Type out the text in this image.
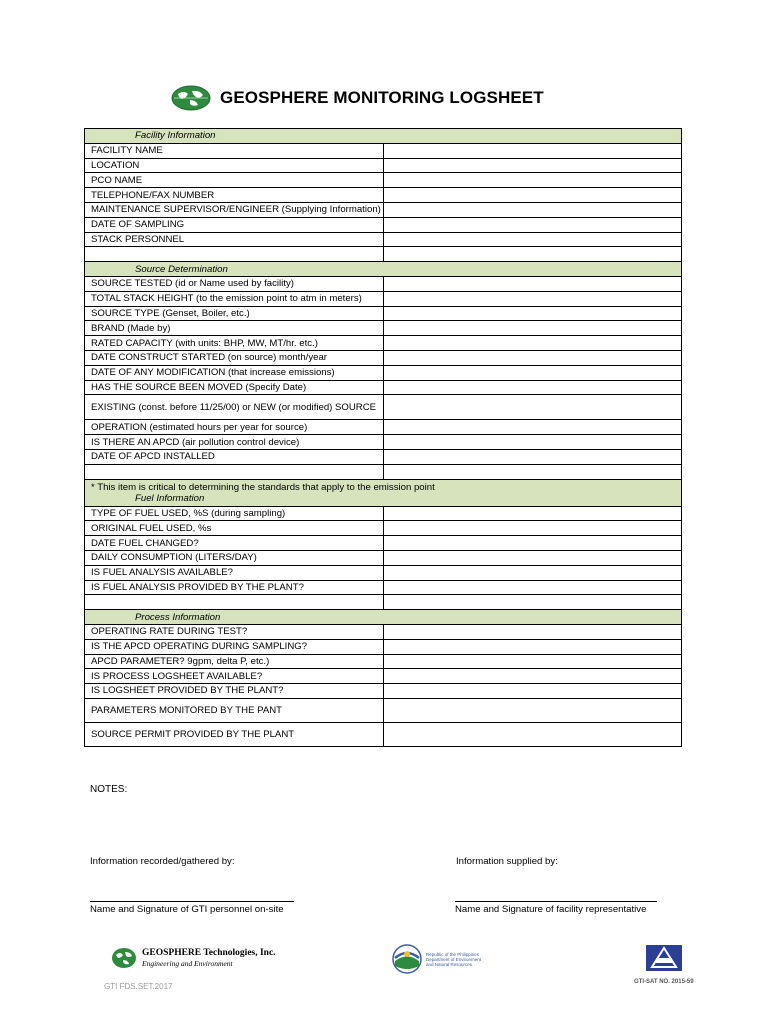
GEOSPHERE MONITORING LOGSHEET
Facility Information	
FACILITY NAME	
LOCATION	
PCO NAME	
TELEPHONE/FAX NUMBER	
MAINTENANCE SUPERVISOR/ENGINEER (Supplying Information)	
DATE OF SAMPLING	
STACK PERSONNEL	

Source Determination	
SOURCE TESTED (id or Name used by facility)	
TOTAL STACK HEIGHT (to the emission point to atm in meters)	
SOURCE TYPE (Genset, Boiler, etc.)	
BRAND (Made by)	
RATED CAPACITY (with units: BHP, MW, MT/hr. etc.)	
DATE CONSTRUCT STARTED (on source) month/year	
DATE OF ANY MODIFICATION (that increase emissions)	
HAS THE SOURCE BEEN MOVED (Specify Date)	
EXISTING (const. before 11/25/00) or NEW (or modified) SOURCE	
OPERATION (estimated hours per year for source)	
IS THERE AN APCD (air pollution control device)	
DATE OF APCD INSTALLED	

* This item is critical to determining the standards that apply to the emission point
Fuel Information	

TYPE OF FUEL USED, %S (during sampling)	
ORIGINAL FUEL USED, %s	
DATE FUEL CHANGED?	
DAILY CONSUMPTION (LITERS/DAY)	
IS FUEL ANALYSIS AVAILABLE?	
IS FUEL ANALYSIS PROVIDED BY THE PLANT?	

Process Information	
OPERATING RATE DURING TEST?	
IS THE APCD OPERATING DURING SAMPLING?	
APCD PARAMETER? 9gpm, delta P, etc.)	
IS PROCESS LOGSHEET AVAILABLE?	
IS LOGSHEET PROVIDED BY THE PLANT?	
PARAMETERS MONITORED BY THE PANT	
SOURCE PERMIT PROVIDED BY THE PLANT	
NOTES:
Information recorded/gathered by:	Information supplied by:
Name and Signature of GTI personnel on-site	Name and Signature of facility representative
GEOSPHERE Technologies, Inc.
Engineering and Environment
GTI FDS.SET.2017
Republic of the Philippines Department of Environment and Natural Resources
GTI-SAT NO. 2015-59
